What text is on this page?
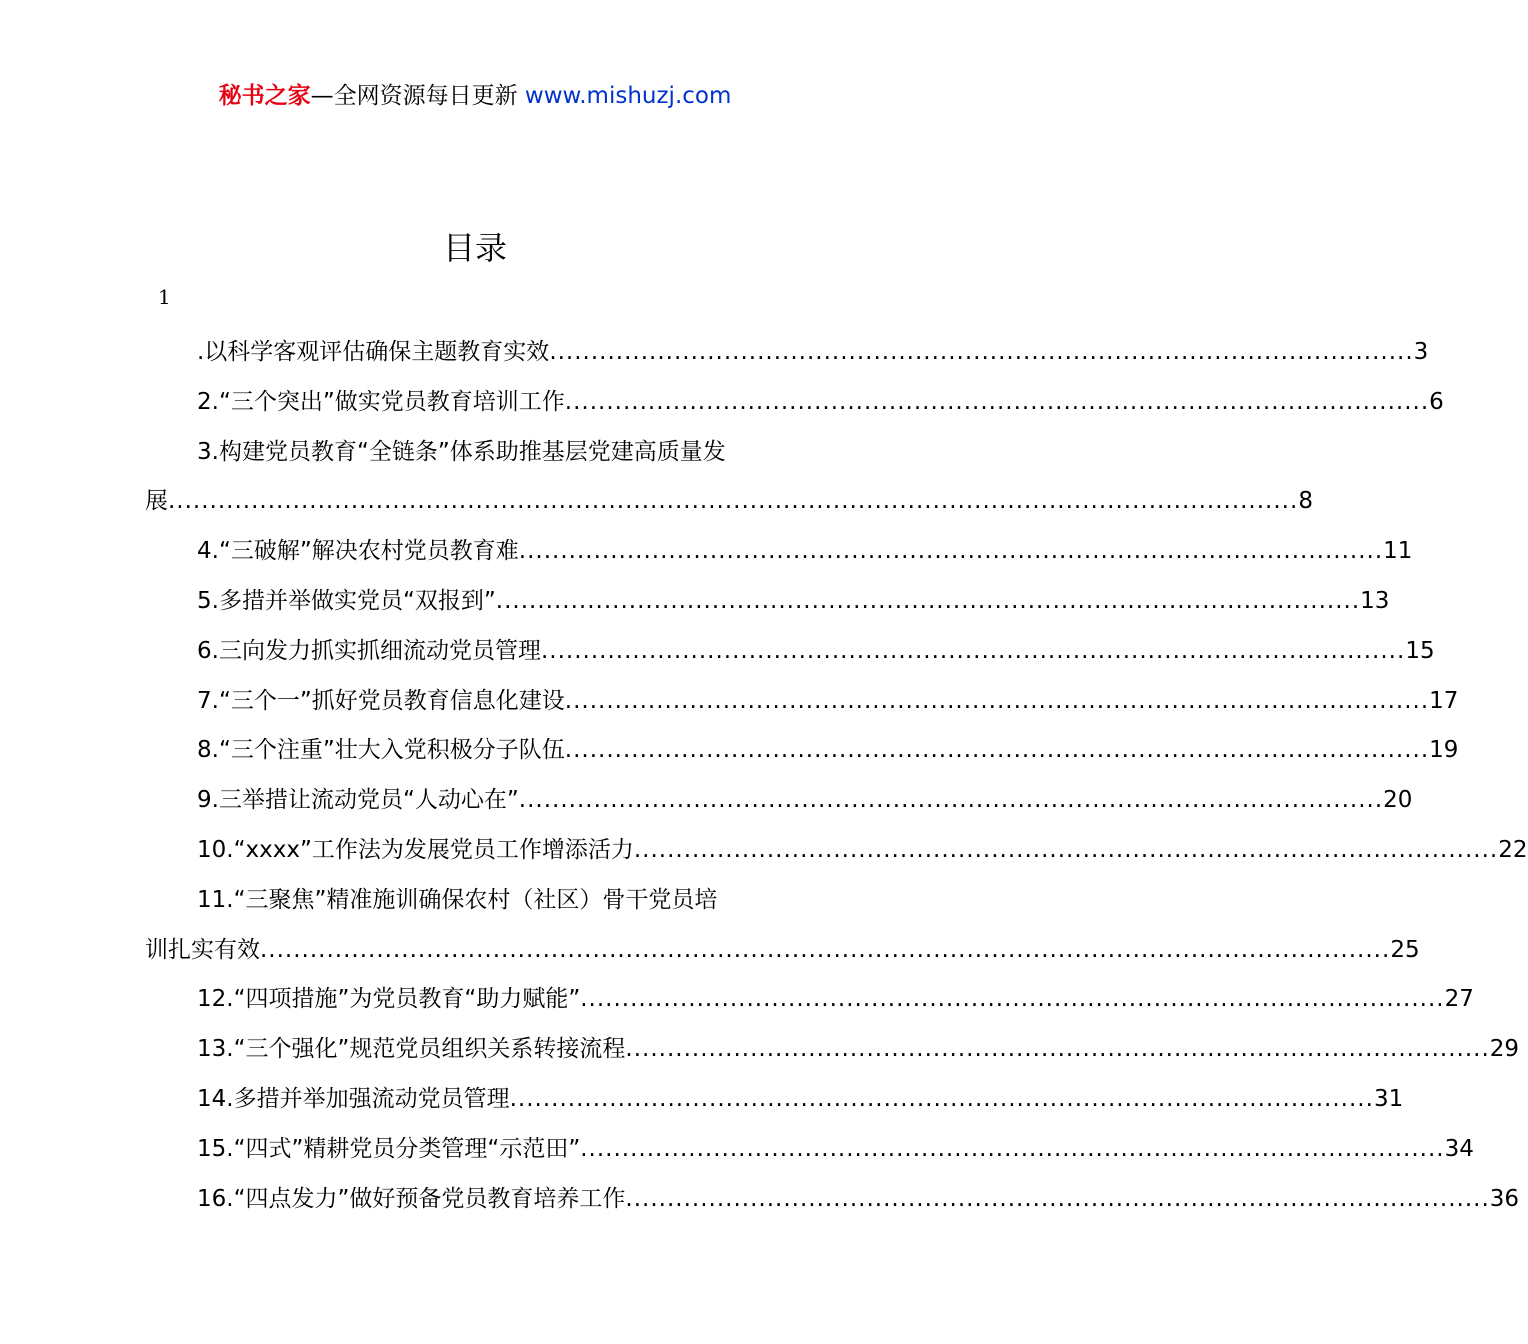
秘书之家—全网资源每日更新 www.mishuzj.com
目录
1
.以科学客观评估确保主题教育实效 ........................................................................................................ 3
2.“三个突出”做实党员教育培训工作 ........................................................................................................ 6
3.构建党员教育“全链条”体系助推基层党建高质量发
展 ........................................................................................................................................ 8
4.“三破解”解决农村党员教育难 ........................................................................................................ 11
5.多措并举做实党员“双报到” ........................................................................................................ 13
6.三向发力抓实抓细流动党员管理 ........................................................................................................ 15
7.“三个一”抓好党员教育信息化建设 ........................................................................................................ 17
8.“三个注重”壮大入党积极分子队伍 ........................................................................................................ 19
9.三举措让流动党员“人动心在” ........................................................................................................ 20
10.“xxxx”工作法为发展党员工作增添活力 ........................................................................................................ 22
11.“三聚焦”精准施训确保农村（社区）骨干党员培
训扎实有效 ........................................................................................................................................ 25
12.“四项措施”为党员教育“助力赋能” ........................................................................................................ 27
13.“三个强化”规范党员组织关系转接流程 ........................................................................................................ 29
14.多措并举加强流动党员管理 ........................................................................................................ 31
15.“四式”精耕党员分类管理“示范田” ........................................................................................................ 34
16.“四点发力”做好预备党员教育培养工作 ........................................................................................................ 36
